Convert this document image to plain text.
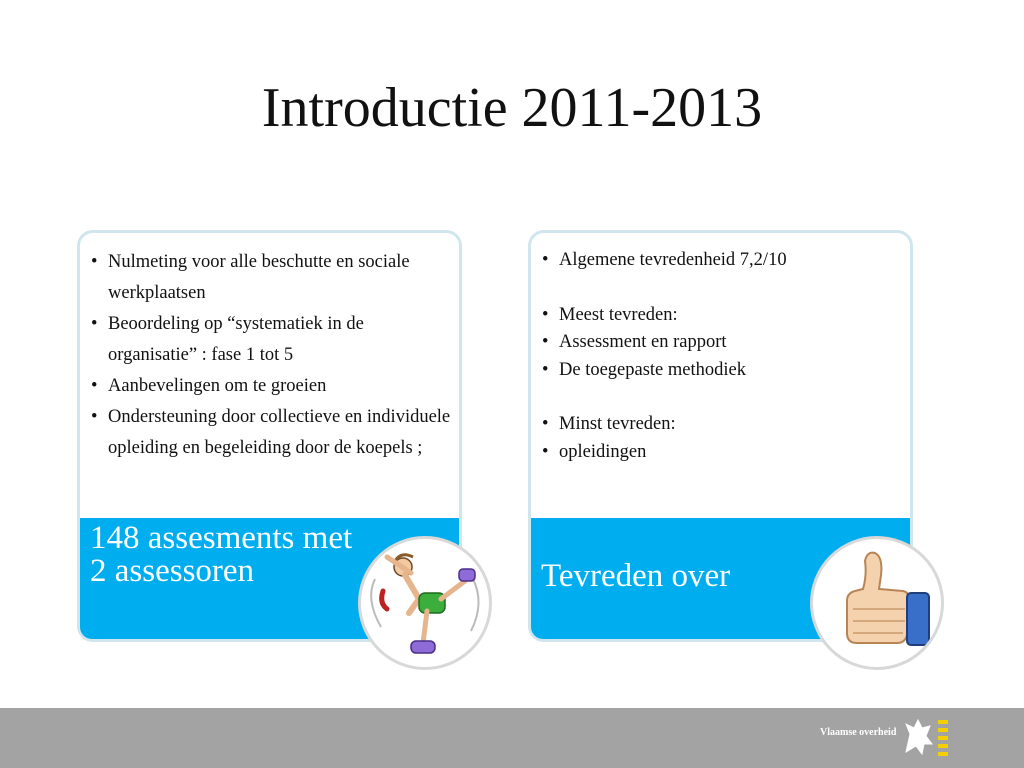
Introductie 2011-2013
• Nulmeting voor alle beschutte en sociale werkplaatsen
• Beoordeling op “systematiek in de organisatie” : fase 1 tot 5
• Aanbevelingen om te groeien
• Ondersteuning door collectieve en individuele opleiding en begeleiding door de koepels ;
148 assesments met 2 assessoren
• Algemene tevredenheid 7,2/10
• Meest tevreden:
• Assessment en rapport
• De toegepaste methodiek
• Minst tevreden:
• opleidingen
Tevreden over
Vlaamse overheid
